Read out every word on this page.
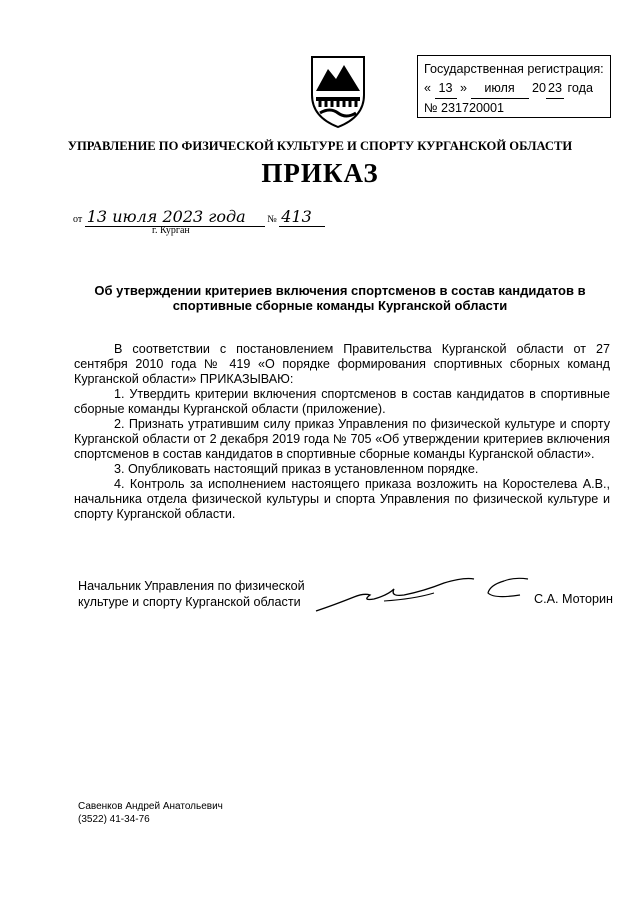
Государственная регистрация:
« 13 » июля 20 23 года
№ 231720001
УПРАВЛЕНИЕ ПО ФИЗИЧЕСКОЙ КУЛЬТУРЕ И СПОРТУ КУРГАНСКОЙ ОБЛАСТИ
ПРИКАЗ
от 13 июля 2023 года № 413
г. Курган
Об утверждении критериев включения спортсменов в состав кандидатов в спортивные сборные команды Курганской области

В соответствии с постановлением Правительства Курганской области от 27 сентября 2010 года № 419 «О порядке формирования спортивных сборных команд Курганской области» ПРИКАЗЫВАЮ:

1. Утвердить критерии включения спортсменов в состав кандидатов в спортивные сборные команды Курганской области (приложение).

2. Признать утратившим силу приказ Управления по физической культуре и спорту Курганской области от 2 декабря 2019 года № 705 «Об утверждении критериев включения спортсменов в состав кандидатов в спортивные сборные команды Курганской области».

3. Опубликовать настоящий приказ в установленном порядке.

4. Контроль за исполнением настоящего приказа возложить на Коростелева А.В., начальника отдела физической культуры и спорта Управления по физической культуре и спорту Курганской области.

Начальник Управления по физической
культуре и спорту Курганской области	С.А. Моторин
Савенков Андрей Анатольевич
(3522) 41-34-76
